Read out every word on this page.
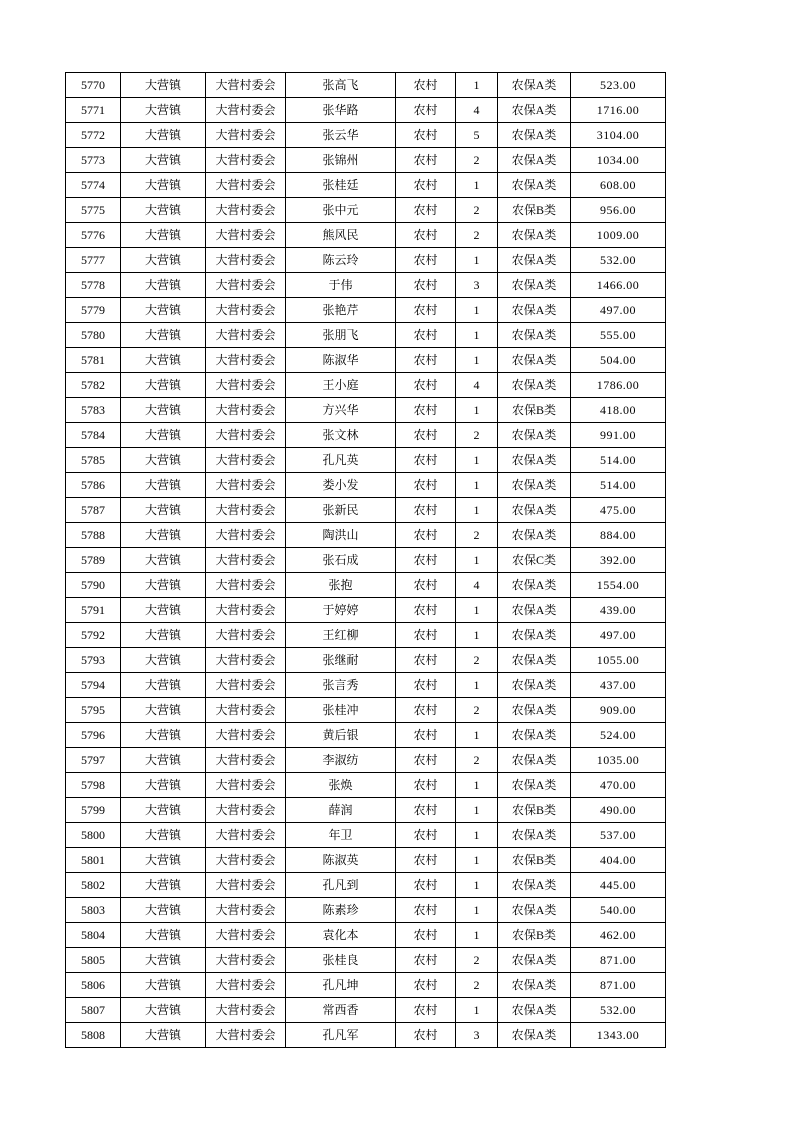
5770	大营镇	大营村委会	张高飞	农村	1	农保A类	523.00
5771	大营镇	大营村委会	张华路	农村	4	农保A类	1716.00
5772	大营镇	大营村委会	张云华	农村	5	农保A类	3104.00
5773	大营镇	大营村委会	张锦州	农村	2	农保A类	1034.00
5774	大营镇	大营村委会	张桂廷	农村	1	农保A类	608.00
5775	大营镇	大营村委会	张中元	农村	2	农保B类	956.00
5776	大营镇	大营村委会	熊风民	农村	2	农保A类	1009.00
5777	大营镇	大营村委会	陈云玲	农村	1	农保A类	532.00
5778	大营镇	大营村委会	于伟	农村	3	农保A类	1466.00
5779	大营镇	大营村委会	张艳芹	农村	1	农保A类	497.00
5780	大营镇	大营村委会	张朋飞	农村	1	农保A类	555.00
5781	大营镇	大营村委会	陈淑华	农村	1	农保A类	504.00
5782	大营镇	大营村委会	王小庭	农村	4	农保A类	1786.00
5783	大营镇	大营村委会	方兴华	农村	1	农保B类	418.00
5784	大营镇	大营村委会	张文林	农村	2	农保A类	991.00
5785	大营镇	大营村委会	孔凡英	农村	1	农保A类	514.00
5786	大营镇	大营村委会	娄小发	农村	1	农保A类	514.00
5787	大营镇	大营村委会	张新民	农村	1	农保A类	475.00
5788	大营镇	大营村委会	陶洪山	农村	2	农保A类	884.00
5789	大营镇	大营村委会	张石成	农村	1	农保C类	392.00
5790	大营镇	大营村委会	张抱	农村	4	农保A类	1554.00
5791	大营镇	大营村委会	于婷婷	农村	1	农保A类	439.00
5792	大营镇	大营村委会	王红柳	农村	1	农保A类	497.00
5793	大营镇	大营村委会	张继耐	农村	2	农保A类	1055.00
5794	大营镇	大营村委会	张言秀	农村	1	农保A类	437.00
5795	大营镇	大营村委会	张桂冲	农村	2	农保A类	909.00
5796	大营镇	大营村委会	黄后银	农村	1	农保A类	524.00
5797	大营镇	大营村委会	李淑纺	农村	2	农保A类	1035.00
5798	大营镇	大营村委会	张焕	农村	1	农保A类	470.00
5799	大营镇	大营村委会	薛润	农村	1	农保B类	490.00
5800	大营镇	大营村委会	年卫	农村	1	农保A类	537.00
5801	大营镇	大营村委会	陈淑英	农村	1	农保B类	404.00
5802	大营镇	大营村委会	孔凡到	农村	1	农保A类	445.00
5803	大营镇	大营村委会	陈素珍	农村	1	农保A类	540.00
5804	大营镇	大营村委会	袁化本	农村	1	农保B类	462.00
5805	大营镇	大营村委会	张桂良	农村	2	农保A类	871.00
5806	大营镇	大营村委会	孔凡坤	农村	2	农保A类	871.00
5807	大营镇	大营村委会	常西香	农村	1	农保A类	532.00
5808	大营镇	大营村委会	孔凡军	农村	3	农保A类	1343.00
